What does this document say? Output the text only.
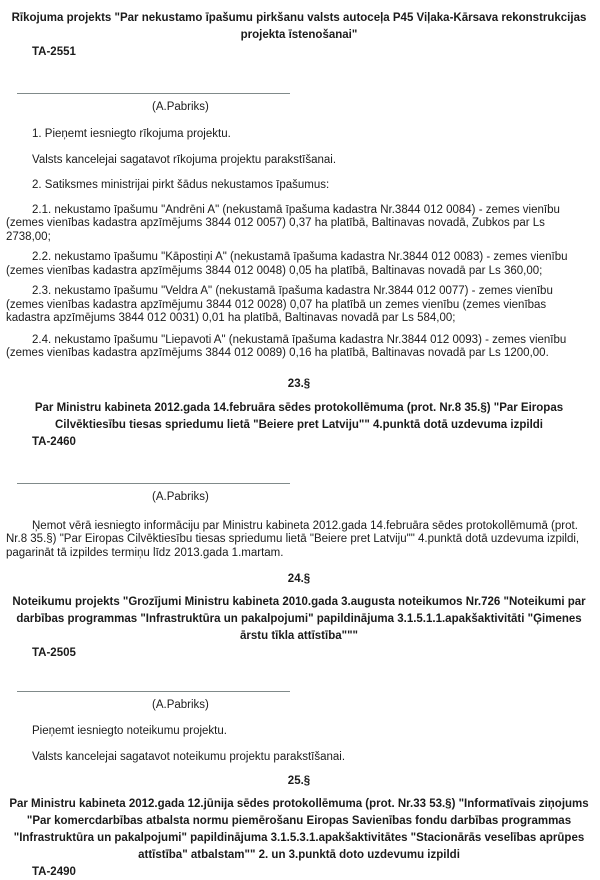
Rīkojuma projekts "Par nekustamo īpašumu pirkšanu valsts autoceļa P45 Viļaka-Kārsava rekonstrukcijas projekta īstenošanai"
TA-2551
(A.Pabriks)
1. Pieņemt iesniegto rīkojuma projektu.
Valsts kancelejai sagatavot rīkojuma projektu parakstīšanai.
2. Satiksmes ministrijai pirkt šādus nekustamos īpašumus:
2.1. nekustamo īpašumu "Andrēni A" (nekustamā īpašuma kadastra Nr.3844 012 0084) - zemes vienību (zemes vienības kadastra apzīmējums 3844 012 0057) 0,37 ha platībā, Baltinavas novadā, Zubkos par Ls 2738,00;
2.2. nekustamo īpašumu "Kāpostiņi A" (nekustamā īpašuma kadastra Nr.3844 012 0083) - zemes vienību (zemes vienības kadastra apzīmējums 3844 012 0048) 0,05 ha platībā, Baltinavas novadā par Ls 360,00;
2.3. nekustamo īpašumu "Veldra A" (nekustamā īpašuma kadastra Nr.3844 012 0077) - zemes vienību (zemes vienības kadastra apzīmējumu 3844 012 0028) 0,07 ha platībā un zemes vienību (zemes vienības kadastra apzīmējums 3844 012 0031) 0,01 ha platībā, Baltinavas novadā par Ls 584,00;
2.4. nekustamo īpašumu "Liepavoti A" (nekustamā īpašuma kadastra Nr.3844 012 0093) - zemes vienību (zemes vienības kadastra apzīmējums 3844 012 0089) 0,16 ha platībā, Baltinavas novadā par Ls 1200,00.
23.§
Par Ministru kabineta 2012.gada 14.februāra sēdes protokollēmuma (prot. Nr.8 35.§) "Par Eiropas Cilvēktiesību tiesas spriedumu lietā "Beiere pret Latviju"" 4.punktā dotā uzdevuma izpildi
TA-2460
(A.Pabriks)
Ņemot vērā iesniegto informāciju par Ministru kabineta 2012.gada 14.februāra sēdes protokollēmumā (prot. Nr.8 35.§) "Par Eiropas Cilvēktiesību tiesas spriedumu lietā "Beiere pret Latviju"" 4.punktā dotā uzdevuma izpildi, pagarināt tā izpildes termiņu līdz 2013.gada 1.martam.
24.§
Noteikumu projekts "Grozījumi Ministru kabineta 2010.gada 3.augusta noteikumos Nr.726 "Noteikumi par darbības programmas "Infrastruktūra un pakalpojumi" papildinājuma 3.1.5.1.1.apakšaktivitāti "Ģimenes ārstu tīkla attīstība"""
TA-2505
(A.Pabriks)
Pieņemt iesniegto noteikumu projektu.
Valsts kancelejai sagatavot noteikumu projektu parakstīšanai.
25.§
Par Ministru kabineta 2012.gada 12.jūnija sēdes protokollēmuma (prot. Nr.33 53.§) "Informatīvais ziņojums "Par komercdarbības atbalsta normu piemērošanu Eiropas Savienības fondu darbības programmas "Infrastruktūra un pakalpojumi" papildinājuma 3.1.5.3.1.apakšaktivitātes "Stacionārās veselības aprūpes attīstība" atbalstam"" 2. un 3.punktā doto uzdevumu izpildi
TA-2490
